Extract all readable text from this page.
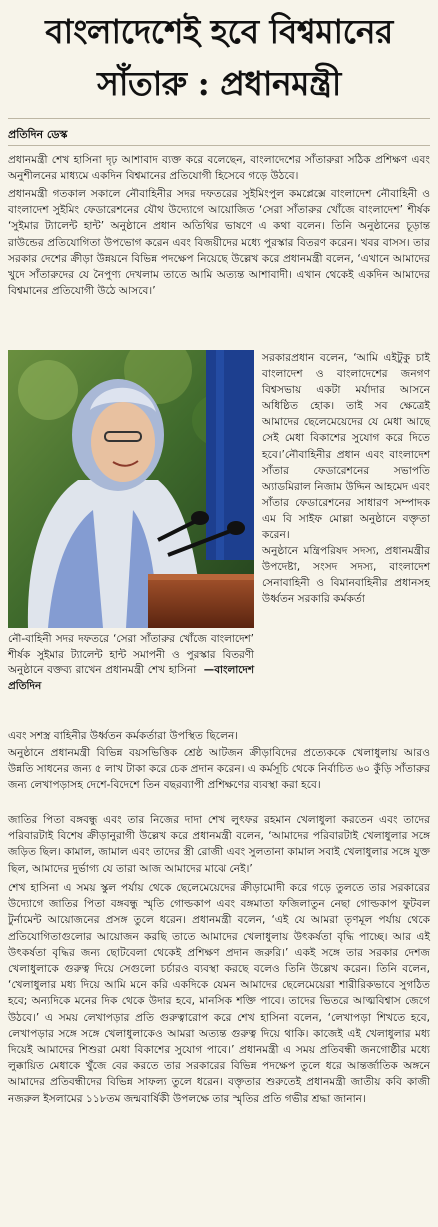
বাংলাদেশেই হবে বিশ্বমানের
সাঁতারু : প্রধানমন্ত্রী
প্রতিদিন ডেস্ক

প্রধানমন্ত্রী শেখ হাসিনা দৃঢ় আশাবাদ ব্যক্ত করে বলেছেন, বাংলাদেশের সাঁতারুরা সঠিক প্রশিক্ষণ এবং অনুশীলনের মাধ্যমে একদিন বিশ্বমানের প্রতিযোগী হিসেবে গড়ে উঠবে।

প্রধানমন্ত্রী গতকাল সকালে নৌবাহিনীর সদর দফতরের সুইমিংপুল কমপ্লেক্সে বাংলাদেশ নৌবাহিনী ও বাংলাদেশ সুইমিং ফেডারেশনের যৌথ উদ্যোগে আয়োজিত ‘সেরা সাঁতারুর খোঁজে বাংলাদেশ’ শীর্ষক ‘সুইমার ট্যালেন্ট হান্ট’ অনুষ্ঠানে প্রধান অতিথির ভাষণে এ কথা বলেন। তিনি অনুষ্ঠানের চূড়ান্ত রাউন্ডের প্রতিযোগিতা উপভোগ করেন এবং বিজয়ীদের মধ্যে পুরস্কার বিতরণ করেন। খবর বাসস। তার সরকার দেশের ক্রীড়া উন্নয়নে বিভিন্ন পদক্ষেপ নিয়েছে উল্লেখ করে প্রধানমন্ত্রী বলেন, ‘এখানে আমাদের খুদে সাঁতারুদের যে নৈপুণ্য দেখলাম তাতে আমি অত্যন্ত আশাবাদী। এখান থেকেই একদিন আমাদের বিশ্বমানের প্রতিযোগী উঠে আসবে।’

নৌ-বাহিনী সদর দফতরে ‘সেরা সাঁতারুর খোঁজে বাংলাদেশ’ শীর্ষক সুইমার ট্যালেন্ট হান্ট সমাপনী ও পুরস্কার বিতরণী অনুষ্ঠানে বক্তব্য রাখেন প্রধানমন্ত্রী শেখ হাসিনা —বাংলাদেশ প্রতিদিন

সরকারপ্রধান বলেন, ‘আমি এইটুকু চাই বাংলাদেশ ও বাংলাদেশের জনগণ বিশ্বসভায় একটা মর্যাদার আসনে অধিষ্ঠিত হোক। তাই সব ক্ষেত্রেই আমাদের ছেলেমেয়েদের যে মেধা আছে সেই মেধা বিকাশের সুযোগ করে দিতে হবে।’নৌবাহিনীর প্রধান এবং বাংলাদেশ সাঁতার ফেডারেশনের সভাপতি অ্যাডমিরাল নিজাম উদ্দিন আহমেদ এবং সাঁতার ফেডারেশনের সাধারণ সম্পাদক এম বি সাইফ মোল্লা অনুষ্ঠানে বক্তৃতা করেন।

অনুষ্ঠানে মন্ত্রিপরিষদ সদস্য, প্রধানমন্ত্রীর উপদেষ্টা, সংসদ সদস্য, বাংলাদেশ সেনাবাহিনী ও বিমানবাহিনীর প্রধানসহ উর্ধ্বতন সরকারি কর্মকর্তা

এবং সশস্ত্র বাহিনীর উর্ধ্বতন কর্মকর্তারা উপস্থিত ছিলেন।

অনুষ্ঠানে প্রধানমন্ত্রী বিভিন্ন বয়সভিত্তিক শ্রেষ্ঠ আটজন ক্রীড়াবিদের প্রত্যেককে খেলাধুলায় আরও উন্নতি সাধনের জন্য ৫ লাখ টাকা করে চেক প্রদান করেন। এ কর্মসূচি থেকে নির্বাচিত ৬০ কুঁড়ি সাঁতারুর জন্য লেখাপড়াসহ দেশে-বিদেশে তিন বছরব্যাপী প্রশিক্ষণের ব্যবস্থা করা হবে।

জাতির পিতা বঙ্গবন্ধু এবং তার নিজের দাদা শেখ লুৎফর রহমান খেলাধুলা করতেন এবং তাদের পরিবারটাই বিশেষ ক্রীড়ানুরাগী উল্লেখ করে প্রধানমন্ত্রী বলেন, ‘আমাদের পরিবারটাই খেলাধুলার সঙ্গে জড়িত ছিল। কামাল, জামাল এবং তাদের স্ত্রী রোজী এবং সুলতানা কামাল সবাই খেলাধুলার সঙ্গে যুক্ত ছিল, আমাদের দুর্ভাগ্য যে তারা আজ আমাদের মাঝে নেই।’

শেখ হাসিনা এ সময় স্কুল পর্যায় থেকে ছেলেমেয়েদের ক্রীড়ামোদী করে গড়ে তুলতে তার সরকারের উদ্যোগে জাতির পিতা বঙ্গবন্ধু স্মৃতি গোল্ডকাপ এবং বঙ্গমাতা ফজিলাতুন নেছা গোল্ডকাপ ফুটবল টুর্নামেন্ট আয়োজনের প্রসঙ্গ তুলে ধরেন। প্রধানমন্ত্রী বলেন, ‘এই যে আমরা তৃণমূল পর্যায় থেকে প্রতিযোগিতাগুলোর আয়োজন করছি তাতে আমাদের খেলাধুলায় উৎকর্ষতা বৃদ্ধি পাচ্ছে। আর এই উৎকর্ষতা বৃদ্ধির জন্য ছোটবেলা থেকেই প্রশিক্ষণ প্রদান জরুরি।’ একই সঙ্গে তার সরকার দেশজ খেলাধুলাকে গুরুত্ব দিয়ে সেগুলো চর্চারও ব্যবস্থা করছে বলেও তিনি উল্লেখ করেন। তিনি বলেন, ‘খেলাধুলার মধ্য দিয়ে আমি মনে করি একদিকে যেমন আমাদের ছেলেমেয়েরা শারীরিকভাবে সুগঠিত হবে; অন্যদিকে মনের দিক থেকে উদার হবে, মানসিক শক্তি পাবে। তাদের ভিতরে আত্মবিশ্বাস জেগে উঠবে।’ এ সময় লেখাপড়ার প্রতি গুরুত্বারোপ করে শেখ হাসিনা বলেন, ‘লেখাপড়া শিখতে হবে, লেখাপড়ার সঙ্গে সঙ্গে খেলাধুলাকেও আমরা অত্যন্ত গুরুত্ব দিয়ে থাকি। কাজেই এই খেলাধুলার মধ্য দিয়েই আমাদের শিশুরা মেধা বিকাশের সুযোগ পাবে।’ প্রধানমন্ত্রী এ সময় প্রতিবন্ধী জনগোষ্ঠীর মধ্যে লুক্কায়িত মেধাকে খুঁজে বের করতে তার সরকারের বিভিন্ন পদক্ষেপ তুলে ধরে আন্তর্জাতিক অঙ্গনে আমাদের প্রতিবন্ধীদের বিভিন্ন সাফল্য তুলে ধরেন। বক্তৃতার শুরুতেই প্রধানমন্ত্রী জাতীয় কবি কাজী নজরুল ইসলামের ১১৮তম জন্মবার্ষিকী উপলক্ষে তার স্মৃতির প্রতি গভীর শ্রদ্ধা জানান।
